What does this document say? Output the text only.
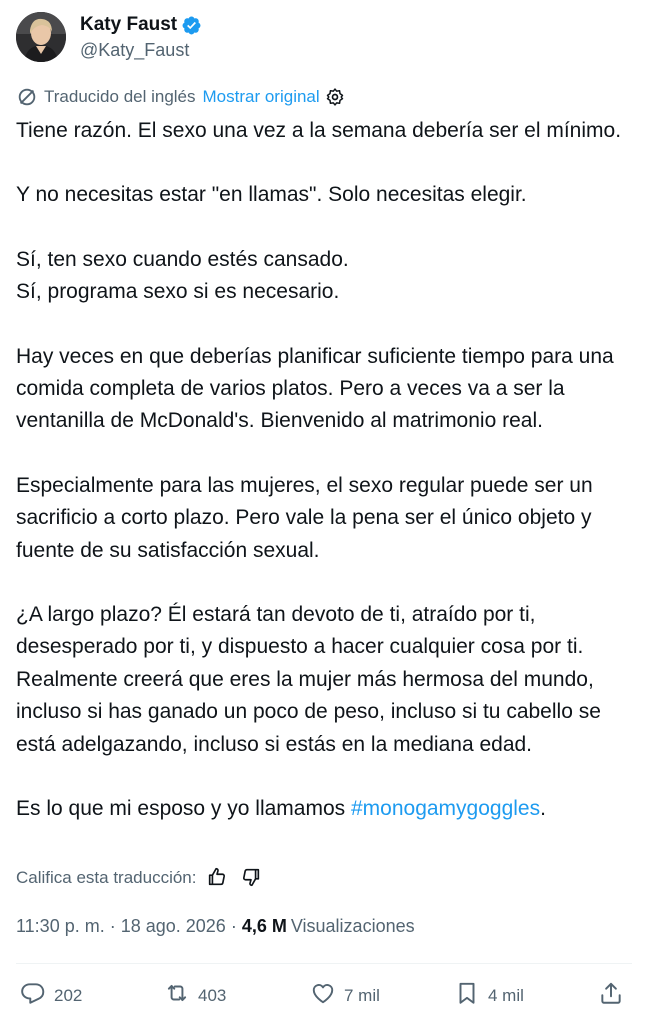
Katy Faust
@Katy_Faust
Traducido del inglés Mostrar original

Tiene razón. El sexo una vez a la semana debería ser el mínimo.

Y no necesitas estar "en llamas". Solo necesitas elegir.

Sí, ten sexo cuando estés cansado.
Sí, programa sexo si es necesario.

Hay veces en que deberías planificar suficiente tiempo para una comida completa de varios platos. Pero a veces va a ser la ventanilla de McDonald's. Bienvenido al matrimonio real.

Especialmente para las mujeres, el sexo regular puede ser un sacrificio a corto plazo. Pero vale la pena ser el único objeto y fuente de su satisfacción sexual.

¿A largo plazo? Él estará tan devoto de ti, atraído por ti, desesperado por ti, y dispuesto a hacer cualquier cosa por ti. Realmente creerá que eres la mujer más hermosa del mundo, incluso si has ganado un poco de peso, incluso si tu cabello se está adelgazando, incluso si estás en la mediana edad.

Es lo que mi esposo y yo llamamos #monogamygoggles.

Califica esta traducción:
11:30 p. m. · 18 ago. 2026 · 4,6 M Visualizaciones
202	403	7 mil	4 mil
